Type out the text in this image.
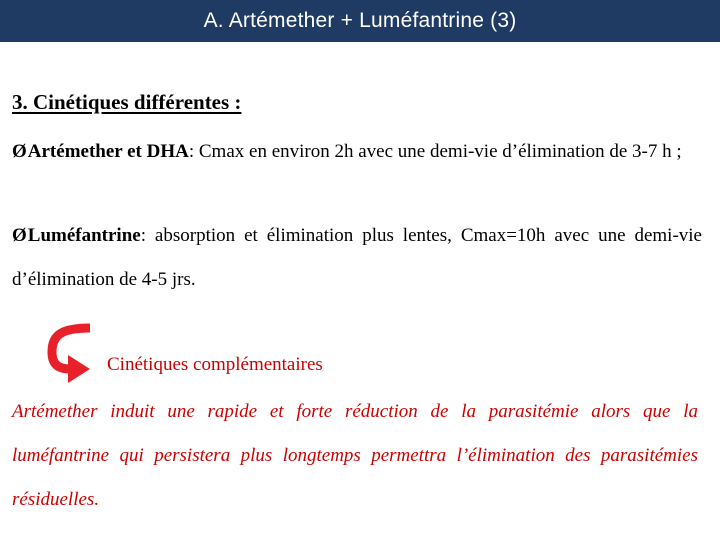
A. Artémether + Luméfantrine (3)
3. Cinétiques différentes :
ØArtémether et DHA: Cmax en environ 2h avec une demi-vie d’élimination de 3-7 h ;
ØLuméfantrine: absorption et élimination plus lentes, Cmax=10h avec une demi-vie d’élimination de 4-5 jrs.
Cinétiques complémentaires
Artémether induit une rapide et forte réduction de la parasitémie alors que la luméfantrine qui persistera plus longtemps permettra l’élimination des parasitémies résiduelles.
